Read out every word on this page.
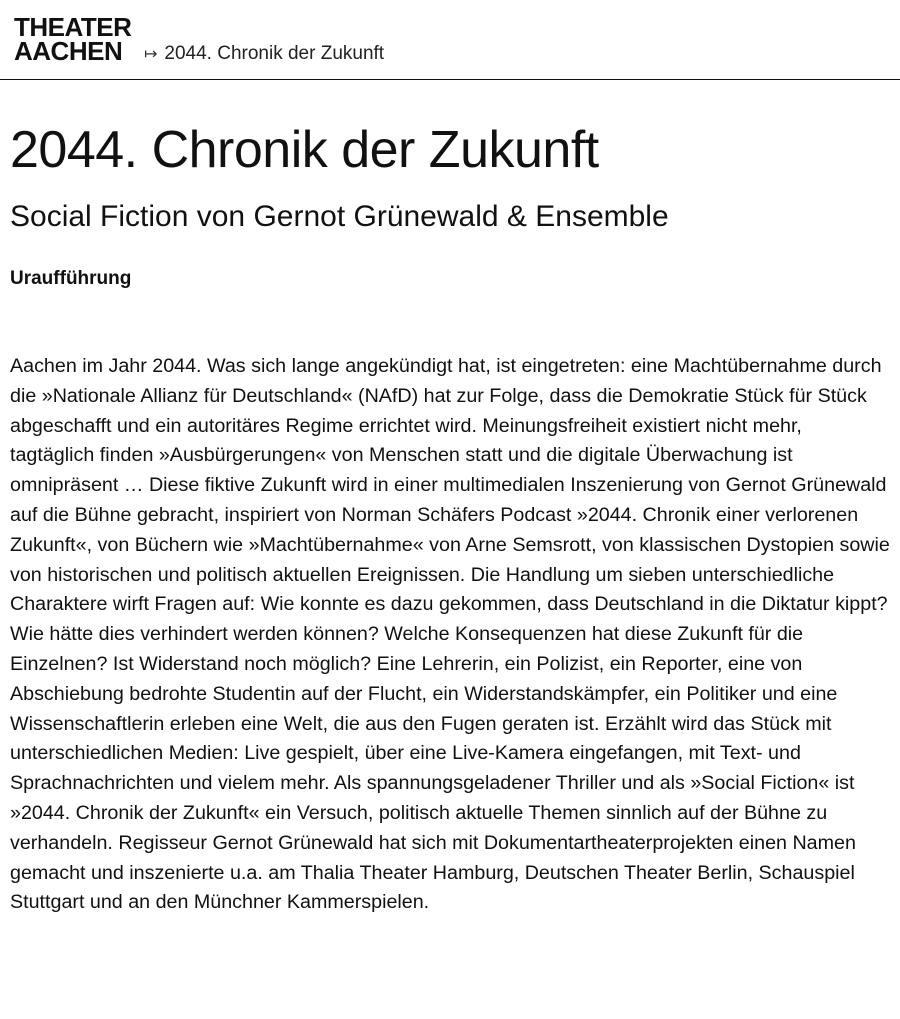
THEATER
AACHEN	↦ 2044. Chronik der Zukunft
2044. Chronik der Zukunft
Social Fiction von Gernot Grünewald & Ensemble
Uraufführung

Aachen im Jahr 2044. Was sich lange angekündigt hat, ist eingetreten: eine Machtübernahme durch die »Nationale Allianz für Deutschland« (NAfD) hat zur Folge, dass die Demokratie Stück für Stück abgeschafft und ein autoritäres Regime errichtet wird. Meinungsfreiheit existiert nicht mehr, tagtäglich finden »Ausbürgerungen« von Menschen statt und die digitale Überwachung ist omnipräsent … Diese fiktive Zukunft wird in einer multimedialen Inszenierung von Gernot Grünewald auf die Bühne gebracht, inspiriert von Norman Schäfers Podcast »2044. Chronik einer verlorenen Zukunft«, von Büchern wie »Machtübernahme« von Arne Semsrott, von klassischen Dystopien sowie von historischen und politisch aktuellen Ereignissen. Die Handlung um sieben unterschiedliche Charaktere wirft Fragen auf: Wie konnte es dazu gekommen, dass Deutschland in die Diktatur kippt? Wie hätte dies verhindert werden können? Welche Konsequenzen hat diese Zukunft für die Einzelnen? Ist Widerstand noch möglich? Eine Lehrerin, ein Polizist, ein Reporter, eine von Abschiebung bedrohte Studentin auf der Flucht, ein Widerstandskämpfer, ein Politiker und eine Wissenschaftlerin erleben eine Welt, die aus den Fugen geraten ist. Erzählt wird das Stück mit unterschiedlichen Medien: Live gespielt, über eine Live-Kamera eingefangen, mit Text- und Sprachnachrichten und vielem mehr. Als spannungsgeladener Thriller und als »Social Fiction« ist »2044. Chronik der Zukunft« ein Versuch, politisch aktuelle Themen sinnlich auf der Bühne zu verhandeln. Regisseur Gernot Grünewald hat sich mit Dokumentartheaterprojekten einen Namen gemacht und inszenierte u.a. am Thalia Theater Hamburg, Deutschen Theater Berlin, Schauspiel Stuttgart und an den Münchner Kammerspielen.
